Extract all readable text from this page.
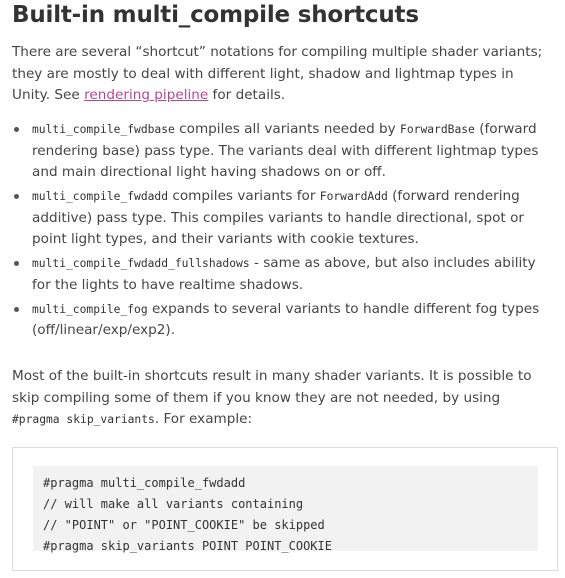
Built-in multi_compile shortcuts

There are several “shortcut” notations for compiling multiple shader variants; they are mostly to deal with different light, shadow and lightmap types in Unity. See rendering pipeline for details.

multi_compile_fwdbase compiles all variants needed by ForwardBase (forward rendering base) pass type. The variants deal with different lightmap types and main directional light having shadows on or off.
multi_compile_fwdadd compiles variants for ForwardAdd (forward rendering additive) pass type. This compiles variants to handle directional, spot or point light types, and their variants with cookie textures.
multi_compile_fwdadd_fullshadows - same as above, but also includes ability for the lights to have realtime shadows.
multi_compile_fog expands to several variants to handle different fog types (off/linear/exp/exp2).

Most of the built-in shortcuts result in many shader variants. It is possible to skip compiling some of them if you know they are not needed, by using #pragma skip_variants. For example:

#pragma multi_compile_fwdadd
// will make all variants containing
// "POINT" or "POINT_COOKIE" be skipped
#pragma skip_variants POINT POINT_COOKIE
